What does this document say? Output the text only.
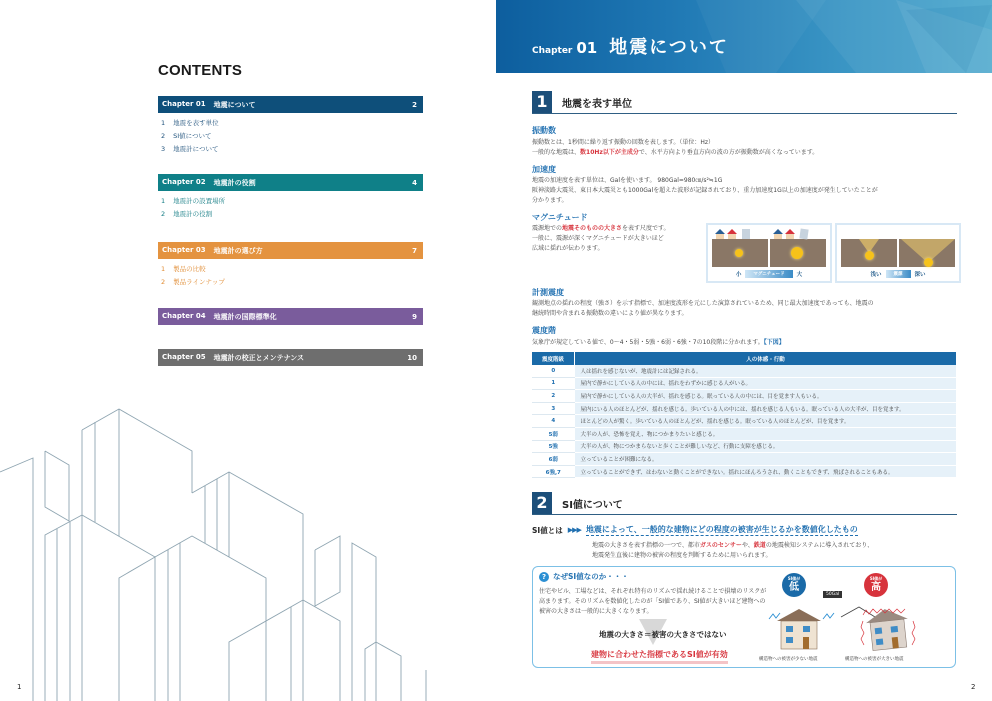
CONTENTS
Chapter 01 地震について	2
1 地震を表す単位
2 SI値について
3 地震計について
Chapter 02 地震計の役割	4
1 地震計の設置場所
2 地震計の役割
Chapter 03 地震計の選び方	7
1 製品の比較
2 製品ラインナップ
Chapter 04 地震計の国際標準化	9
Chapter 05 地震計の校正とメンテナンス	10
1
Chapter 01 地震について
1	地震を表す単位
振動数
振動数とは、1秒間に繰り返す振動の回数を表します。（単位：Hz）
一般的な地震は、数10Hz以下が主成分で、水平方向より垂直方向の波の方が振動数が高くなっています。
加速度
地震の加速度を表す単位は、Galを使います。 980Gal=980㎝/s²≒1G
阪神淡路大震災、東日本大震災とも1000Galを超えた波形が記録されており、重力加速度1G以上の加速度が発生していたことが
分かります。
マグニチュード
震源地での地震そのものの大きさを表す尺度です。
一般に、震源が深くマグニチュードが大きいほど
広域に揺れが伝わります。
小	マグニチュード	大	浅い	震源	深い
計測震度
観測地点の揺れの程度（強さ）を示す指標で、加速度波形を元にした演算されているため、同じ最大加速度であっても、地震の
継続時間や含まれる振動数の違いにより値が異なります。
震度階
気象庁が規定している値で、0～4・5弱・5強・6弱・6強・7の10段階に分かれます。【下図】
震度階級	人の体感・行動
0	人は揺れを感じないが、地震計には記録される。
1	屋内で静かにしている人の中には、揺れをわずかに感じる人がいる。
2	屋内で静かにしている人の大半が、揺れを感じる。眠っている人の中には、目を覚ます人もいる。
3	屋内にいる人のほとんどが、揺れを感じる。歩いている人の中には、揺れを感じる人もいる。眠っている人の大半が、目を覚ます。
4	ほとんどの人が驚く。歩いている人のほとんどが、揺れを感じる。眠っている人のほとんどが、目を覚ます。
5弱	大半の人が、恐怖を覚え、物につかまりたいと感じる。
5強	大半の人が、物につかまらないと歩くことが難しいなど、行動に支障を感じる。
6弱	立っていることが困難になる。
6強,7	立っていることができず、はわないと動くことができない。揺れにほんろうされ、動くこともできず、飛ばされることもある。
2	SI値について
SI値とは ▶▶▶ 地震によって、一般的な建物にどの程度の被害が生じるかを数値化したもの
地震の大きさを表す指標の一つで、都市ガスのセンサーや、鉄道の地震検知システムに導入されており、
地震発生直後に建物の被害の程度を判断するために用いられます。
? なぜSI値なのか・・・
住宅やビル、工場などは、それぞれ特有のリズムで揺れ続けることで損壊のリスクが
高まります。そのリズムを数値化したのが「SI値であり、SI値が大きいほど建物への
被害の大きさは一般的に大きくなります。
地震の大きさ＝被害の大きさではない
建物に合わせた指標であるSI値が有効
SI値が
低
SI値が
高
50Gal
構造物への被害が少ない地震	構造物への被害が大きい地震
2
